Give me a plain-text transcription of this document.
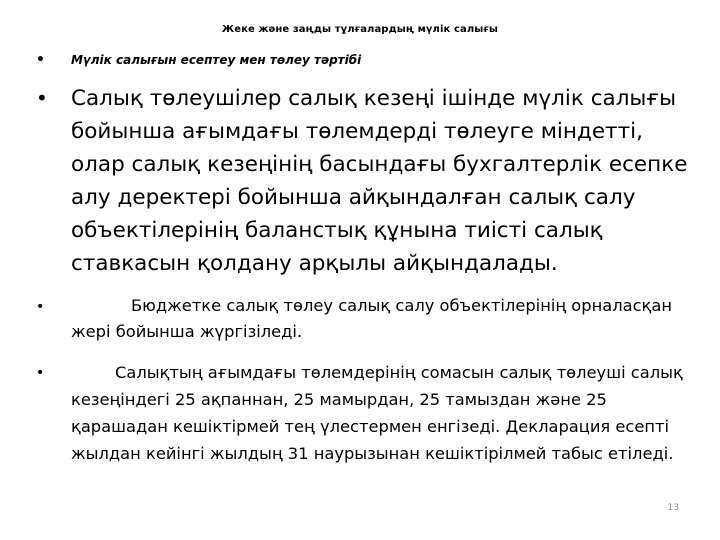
Жеке және заңды тұлғалардың мүлік салығы
• Мүлік салығын есептеу мен төлеу тәртібі
• Салық төлеушілер салық кезеңі ішінде мүлік салығы бойынша ағымдағы төлемдерді төлеуге міндетті, олар салық кезеңінің басындағы бухгалтерлік есепке алу деректері бойынша айқындалған салық салу объектілерінің баланстық құнына тиісті салық ставкасын қолдану арқылы айқындалады.
•	Бюджетке салық төлеу салық салу объектілерінің орналасқан жері бойынша жүргізіледі.
•	Салықтың ағымдағы төлемдерінің сомасын салық төлеуші салық кезеңіндегі 25 ақпаннан, 25 мамырдан, 25 тамыздан және 25 қарашадан кешіктірмей тең үлестермен енгізеді. Декларация есепті жылдан кейінгі жылдың 31 наурызынан кешіктірілмей табыс етіледі.
13
